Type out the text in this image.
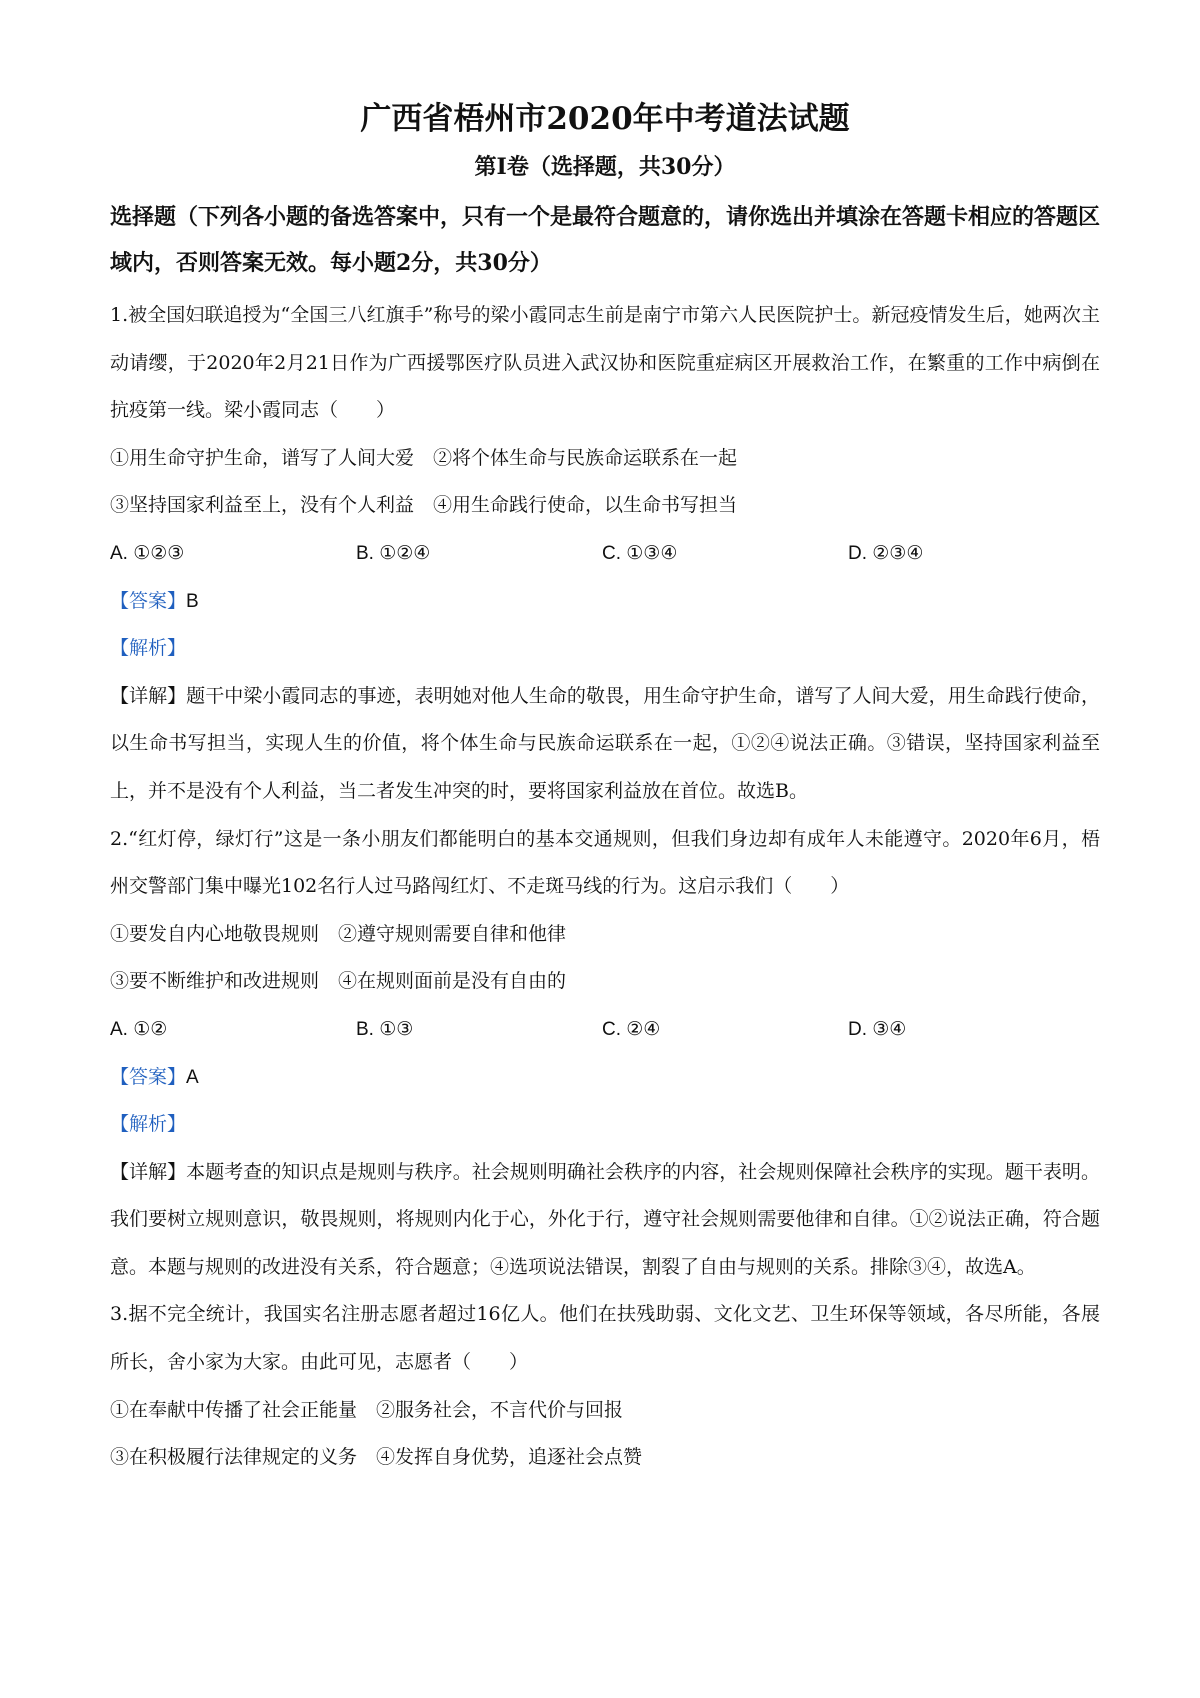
广西省梧州市2020年中考道法试题
第Ⅰ卷（选择题，共30分）

选择题（下列各小题的备选答案中，只有一个是最符合题意的，请你选出并填涂在答题卡相应的答题区域内，否则答案无效。每小题2分，共30分）

1.被全国妇联追授为“全国三八红旗手”称号的梁小霞同志生前是南宁市第六人民医院护士。新冠疫情发生后，她两次主动请缨，于2020年2月21日作为广西援鄂医疗队员进入武汉协和医院重症病区开展救治工作，在繁重的工作中病倒在抗疫第一线。梁小霞同志（　　）

①用生命守护生命，谱写了人间大爱　②将个体生命与民族命运联系在一起

③坚持国家利益至上，没有个人利益　④用生命践行使命，以生命书写担当

A. ①②③	B. ①②④	C. ①③④	D. ②③④

【答案】B

【解析】

【详解】题干中梁小霞同志的事迹，表明她对他人生命的敬畏，用生命守护生命，谱写了人间大爱，用生命践行使命，以生命书写担当，实现人生的价值，将个体生命与民族命运联系在一起，①②④说法正确。③错误，坚持国家利益至上，并不是没有个人利益，当二者发生冲突的时，要将国家利益放在首位。故选B。

2.“红灯停，绿灯行”这是一条小朋友们都能明白的基本交通规则，但我们身边却有成年人未能遵守。2020年6月，梧州交警部门集中曝光102名行人过马路闯红灯、不走斑马线的行为。这启示我们（　　）

①要发自内心地敬畏规则　②遵守规则需要自律和他律

③要不断维护和改进规则　④在规则面前是没有自由的

A. ①②	B. ①③	C. ②④	D. ③④

【答案】A

【解析】

【详解】本题考查的知识点是规则与秩序。社会规则明确社会秩序的内容，社会规则保障社会秩序的实现。题干表明。我们要树立规则意识，敬畏规则，将规则内化于心，外化于行，遵守社会规则需要他律和自律。①②说法正确，符合题意。本题与规则的改进没有关系，符合题意；④选项说法错误，割裂了自由与规则的关系。排除③④，故选A。

3.据不完全统计，我国实名注册志愿者超过16亿人。他们在扶残助弱、文化文艺、卫生环保等领域，各尽所能，各展所长，舍小家为大家。由此可见，志愿者（　　）

①在奉献中传播了社会正能量　②服务社会，不言代价与回报

③在积极履行法律规定的义务　④发挥自身优势，追逐社会点赞
